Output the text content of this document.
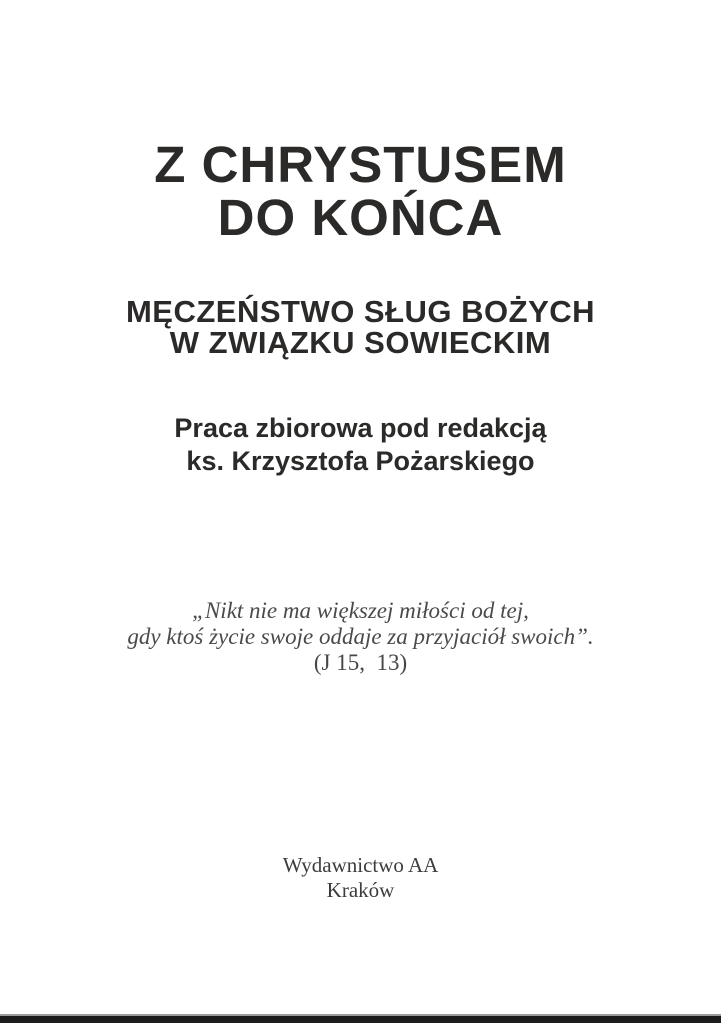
Z CHRYSTUSEM
DO KOŃCA
MĘCZEŃSTWO SŁUG BOŻYCH
W ZWIĄZKU SOWIECKIM
Praca zbiorowa pod redakcją
ks. Krzysztofa Pożarskiego
„Nikt nie ma większej miłości od tej,
gdy ktoś życie swoje oddaje za przyjaciół swoich”.
(J 15,  13)
Wydawnictwo AA
Kraków
